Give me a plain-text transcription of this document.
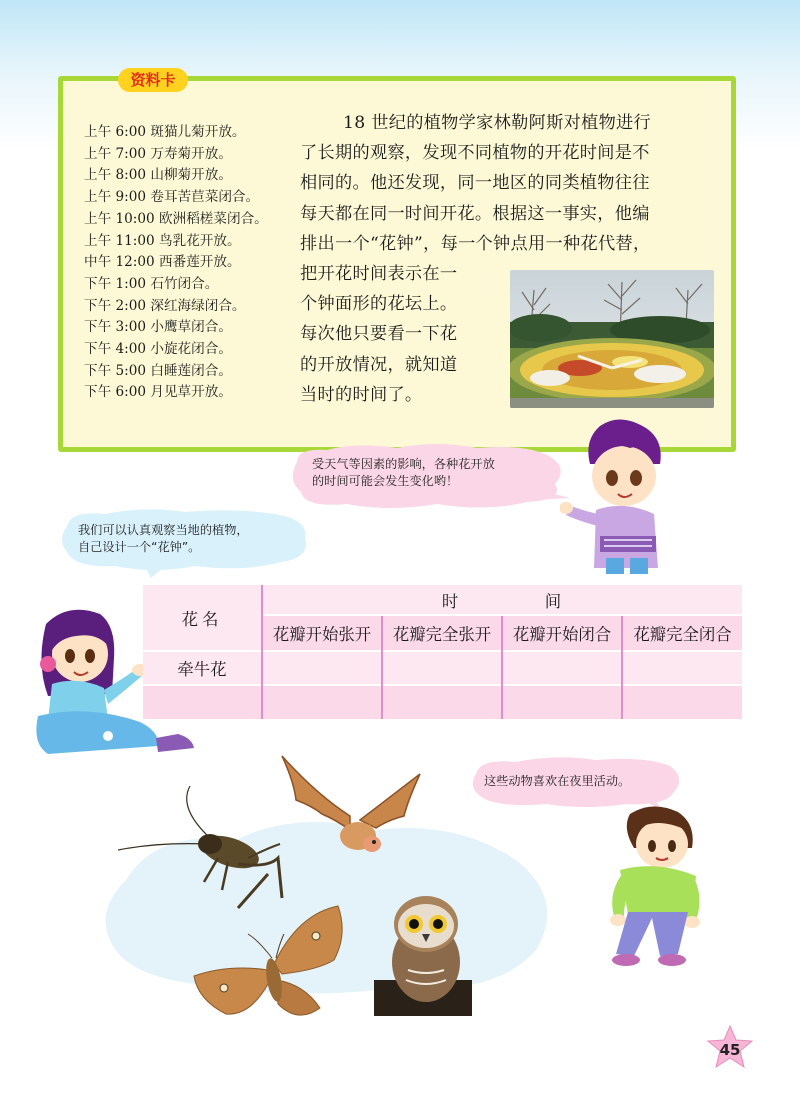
资料卡
上午 6:00 斑猫儿菊开放。
上午 7:00 万寿菊开放。
上午 8:00 山柳菊开放。
上午 9:00 卷耳苦苣菜闭合。
上午 10:00 欧洲稻槎菜闭合。
上午 11:00 鸟乳花开放。
中午 12:00 西番莲开放。
下午 1:00 石竹闭合。
下午 2:00 深红海绿闭合。
下午 3:00 小鹰草闭合。
下午 4:00 小旋花闭合。
下午 5:00 白睡莲闭合。
下午 6:00 月见草开放。
18 世纪的植物学家林勒阿斯对植物进行
了长期的观察，发现不同植物的开花时间是不
相同的。他还发现，同一地区的同类植物往往
每天都在同一时间开花。根据这一事实，他编
排出一个“花钟”，每一个钟点用一种花代替，
把开花时间表示在一
个钟面形的花坛上。
每次他只要看一下花
的开放情况，就知道
当时的时间了。
受天气等因素的影响，各种花开放
的时间可能会发生变化哟！
我们可以认真观察当地的植物，
自己设计一个“花钟”。
花名	时 间			
	花瓣开始张开	花瓣完全张开	花瓣开始闭合	花瓣完全闭合
牵牛花				

这些动物喜欢在夜里活动。
45
